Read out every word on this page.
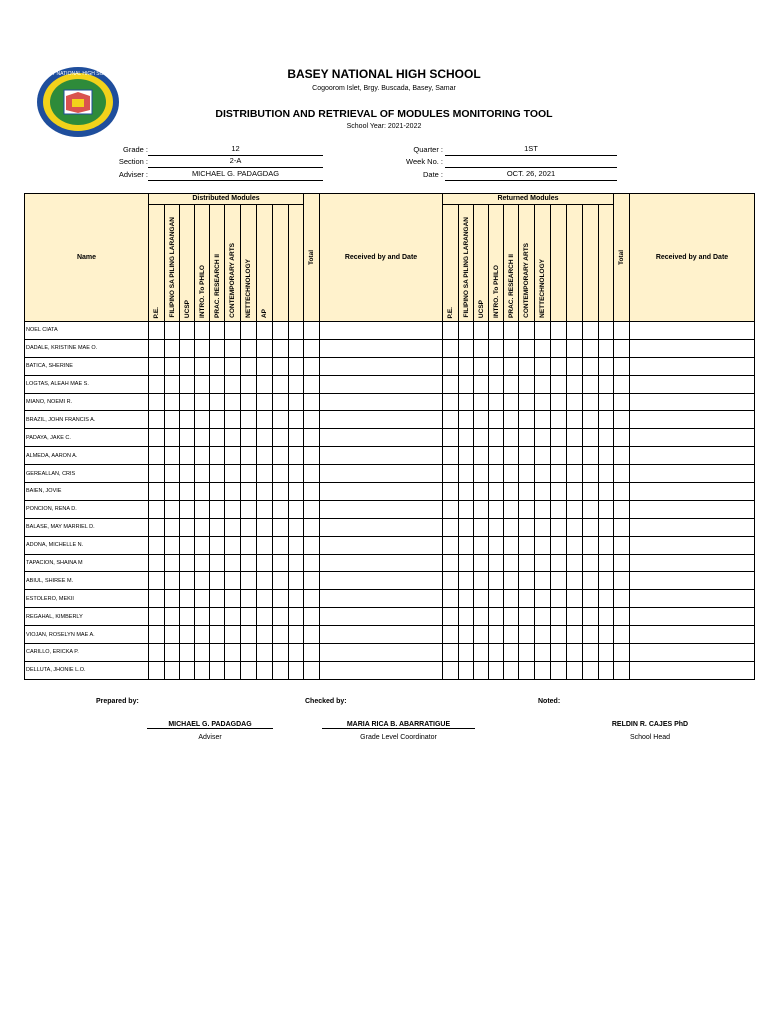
BASEY NATIONAL HIGH SCHOOL	BASEY NATIONAL HIGH SCHOOL
Cogoorom Islet, Brgy. Buscada, Basey, Samar
DISTRIBUTION AND RETRIEVAL OF MODULES MONITORING TOOL
School Year: 2021-2022
Grade :	12
Section :	2-A
Adviser :	MICHAEL G. PADAGDAG
Quarter :	1ST
Week No. :
Date :	OCT. 26, 2021
Name	Distributed Modules										Total	Received by and Date	Returned Modules											Total	Received by and Date

	P.E.	FILIPINO SA PILING LARANGAN	UCSP	INTRO. To PHILO	PRAC. RESEARCH II	CONTEMPORARY ARTS	NETTECHNOLOGY	AP					P.E.	FILIPINO SA PILING LARANGAN	UCSP	INTRO. To PHILO	PRAC. RESEARCH II	CONTEMPORARY ARTS	NETTECHNOLOGY						

NOEL CIATA																									
DADALE, KRISTINE MAE O.																									
BATICA, SHERINE																									
LOGTAS, ALEAH MAE S.																									
MIANO, NOEMI R.																									
BRAZIL, JOHN FRANCIS A.																									
PADAYA, JAKE C.																									
ALMEDA, AARON A.																									
GEREALLAN, CRIS																									
BAIEN, JOVIE																									
PONCION, RENA D.																									
BALASE, MAY MARRIEL D.																									
ADONA, MICHELLE N.																									
TAPACION, SHAINA M																									
ABIUL, SHIREE M.																									
ESTOLERO, MEKII																									
REGAHAL, KIMBERLY																									
VIOJAN, ROSELYN MAE A.																									
CARILLO, ERICKA P.																									
DELLUTA, JHONIE L.O.																									
Prepared by:	Checked by:	Noted:
MICHAEL G. PADAGDAG
Adviser
MARIA RICA B. ABARRATIGUE
Grade Level Coordinator
RELDIN R. CAJES PhD
School Head
